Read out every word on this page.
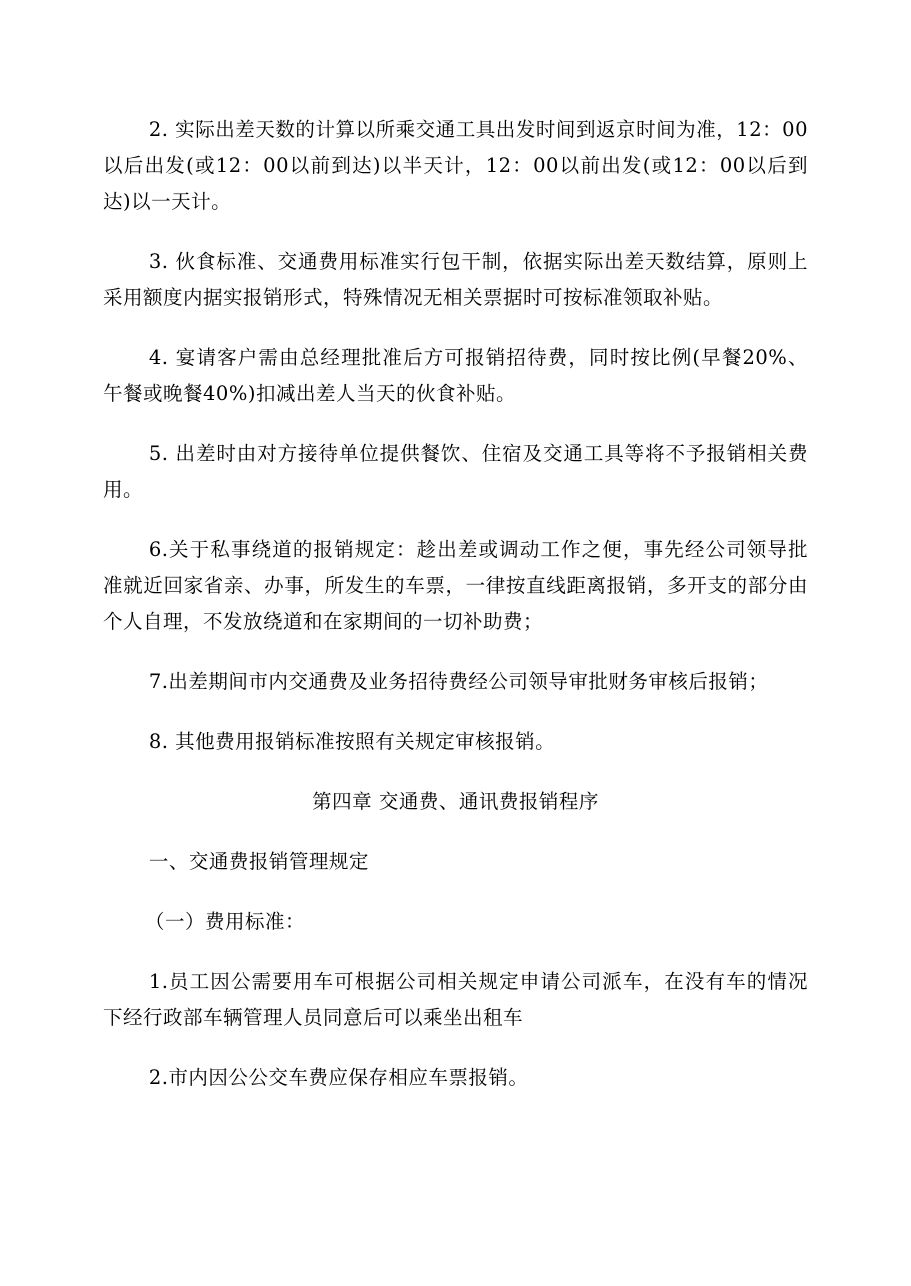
2. 实际出差天数的计算以所乘交通工具出发时间到返京时间为准，12：00以后出发(或12：00以前到达)以半天计，12：00以前出发(或12：00以后到达)以一天计。

3. 伙食标准、交通费用标准实行包干制，依据实际出差天数结算，原则上采用额度内据实报销形式，特殊情况无相关票据时可按标准领取补贴。

4. 宴请客户需由总经理批准后方可报销招待费，同时按比例(早餐20%、午餐或晚餐40%)扣减出差人当天的伙食补贴。

5. 出差时由对方接待单位提供餐饮、住宿及交通工具等将不予报销相关费用。

6.关于私事绕道的报销规定：趁出差或调动工作之便，事先经公司领导批准就近回家省亲、办事，所发生的车票，一律按直线距离报销，多开支的部分由个人自理，不发放绕道和在家期间的一切补助费；

7.出差期间市内交通费及业务招待费经公司领导审批财务审核后报销；

8. 其他费用报销标准按照有关规定审核报销。

第四章 交通费、通讯费报销程序
一、交通费报销管理规定
（一）费用标准：

1.员工因公需要用车可根据公司相关规定申请公司派车，在没有车的情况下经行政部车辆管理人员同意后可以乘坐出租车

2.市内因公公交车费应保存相应车票报销。
